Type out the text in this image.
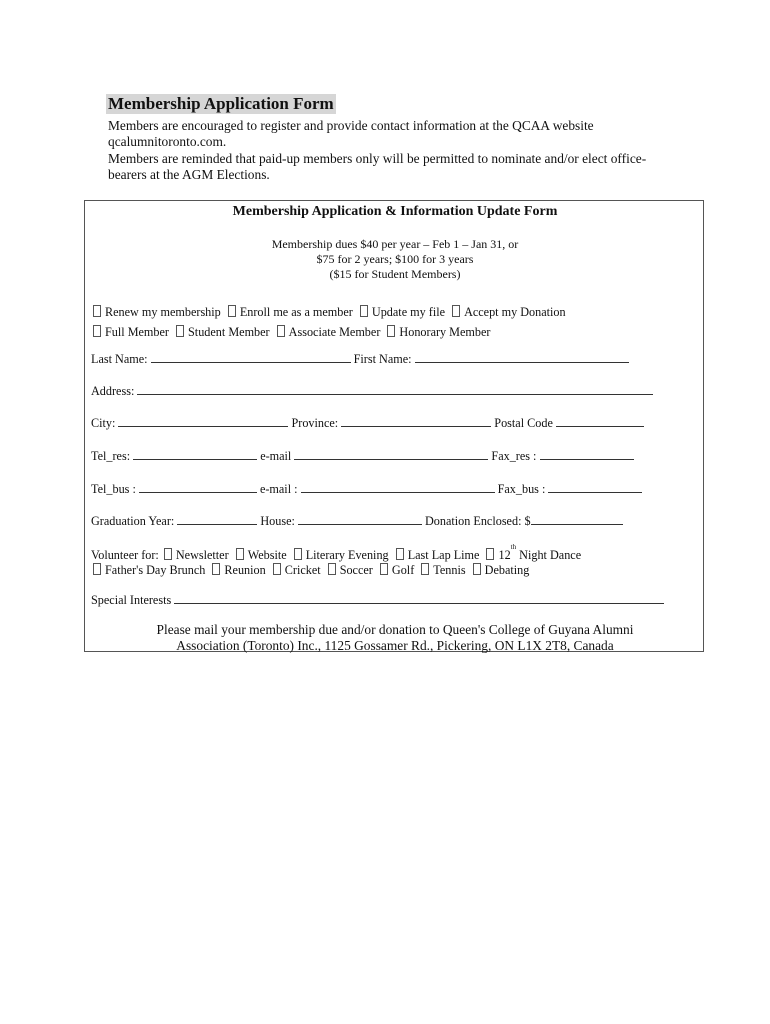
Membership Application Form

Members are encouraged to register and provide contact information at the QCAA website

qcalumnitoronto.com.

Members are reminded that paid-up members only will be permitted to nominate and/or elect office-

bearers at the AGM Elections.

Membership Application & Information Update Form
Membership dues $40 per year – Feb 1 – Jan 31, or
$75 for 2 years; $100 for 3 years
($15 for Student Members)
Renew my membership Enroll me as a member Update my file Accept my Donation
Full Member Student Member Associate Member Honorary Member
Last Name:	First Name:
Address:
City:	Province:	Postal Code
Tel_res:	e-mail	Fax_res :
Tel_bus :	e-mail :	Fax_bus :
Graduation Year:	House:	Donation Enclosed: $
Volunteer for: Newsletter Website Literary Evening Last Lap Lime 12th Night Dance
Father's Day Brunch Reunion Cricket Soccer Golf Tennis Debating
Special Interests
Please mail your membership due and/or donation to Queen's College of Guyana Alumni
Association (Toronto) Inc., 1125 Gossamer Rd., Pickering, ON L1X 2T8, Canada
